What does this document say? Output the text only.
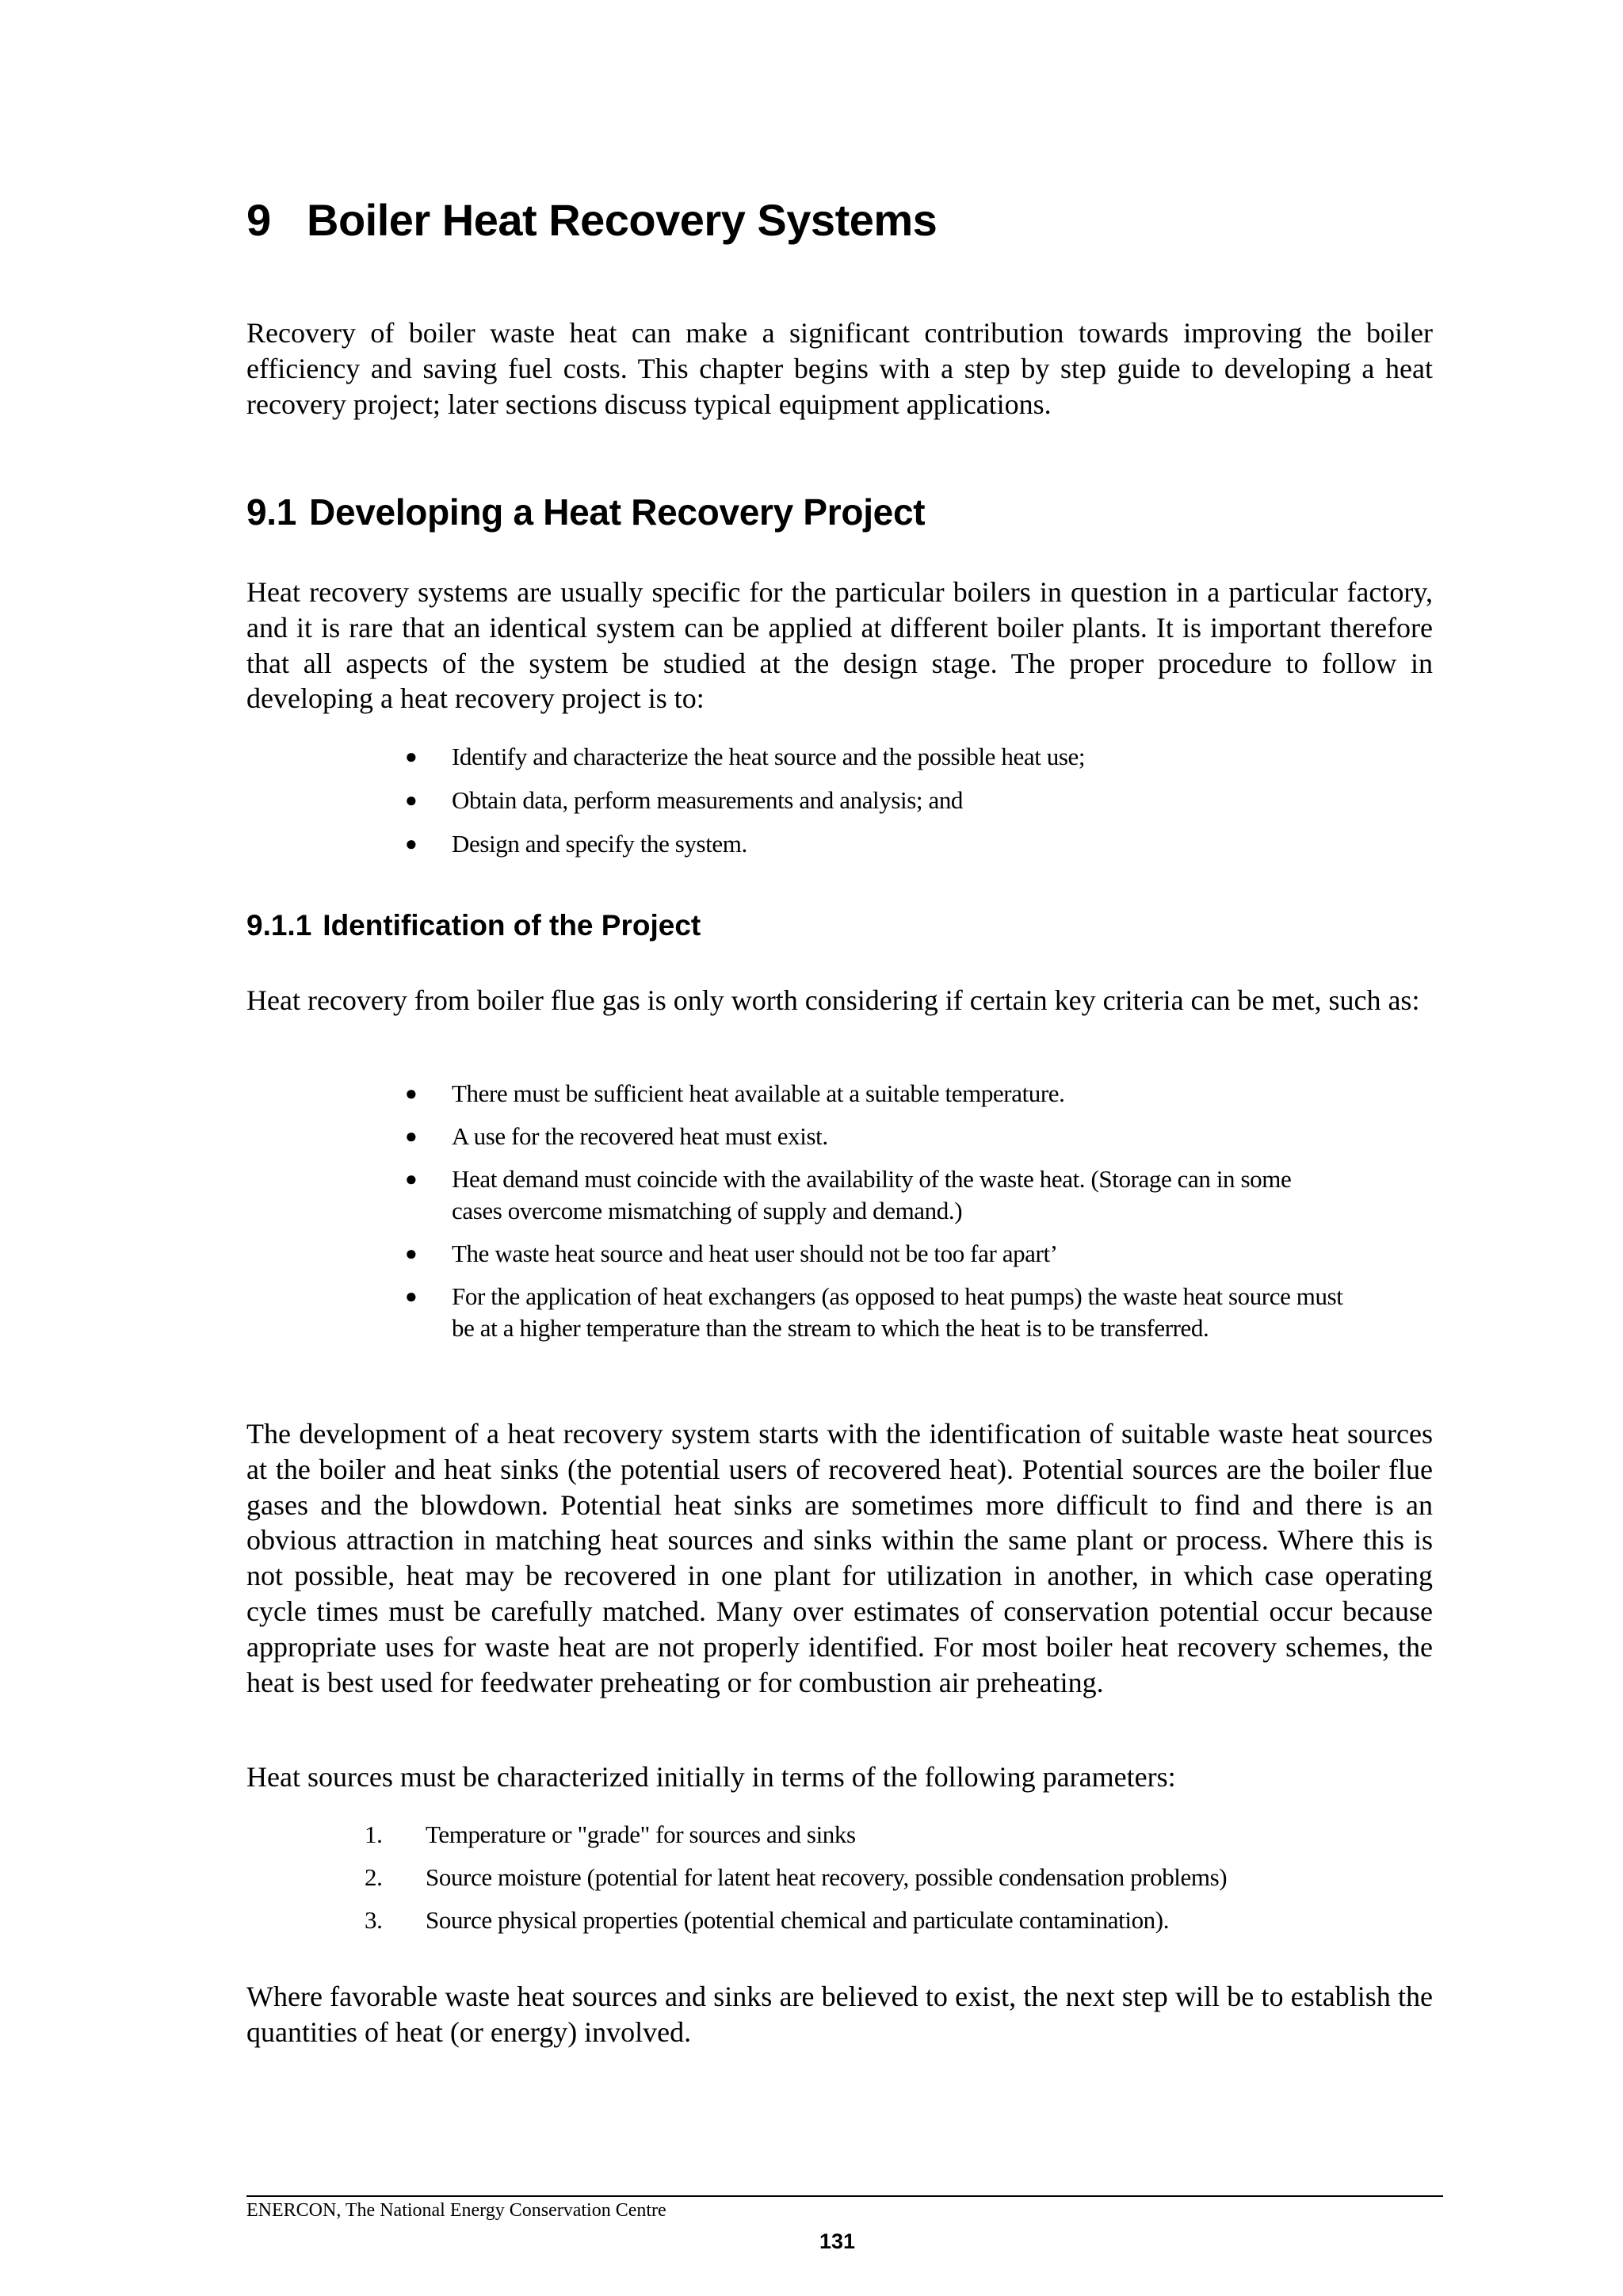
9 Boiler Heat Recovery Systems

Recovery of boiler waste heat can make a significant contribution towards improving the boiler efficiency and saving fuel costs. This chapter begins with a step by step guide to developing a heat recovery project; later sections discuss typical equipment applications.

9.1 Developing a Heat Recovery Project

Heat recovery systems are usually specific for the particular boilers in question in a particular factory, and it is rare that an identical system can be applied at different boiler plants. It is important therefore that all aspects of the system be studied at the design stage. The proper procedure to follow in developing a heat recovery project is to:

● Identify and characterize the heat source and the possible heat use;
● Obtain data, perform measurements and analysis; and
● Design and specify the system.
9.1.1 Identification of the Project

Heat recovery from boiler flue gas is only worth considering if certain key criteria can be met, such as:

● There must be sufficient heat available at a suitable temperature.
● A use for the recovered heat must exist.
● Heat demand must coincide with the availability of the waste heat. (Storage can in some cases overcome mismatching of supply and demand.)
● The waste heat source and heat user should not be too far apart’
● For the application of heat exchangers (as opposed to heat pumps) the waste heat source must be at a higher temperature than the stream to which the heat is to be transferred.

The development of a heat recovery system starts with the identification of suitable waste heat sources at the boiler and heat sinks (the potential users of recovered heat). Potential sources are the boiler flue gases and the blowdown. Potential heat sinks are sometimes more difficult to find and there is an obvious attraction in matching heat sources and sinks within the same plant or process. Where this is not possible, heat may be recovered in one plant for utilization in another, in which case operating cycle times must be carefully matched. Many over estimates of conservation potential occur because appropriate uses for waste heat are not properly identified. For most boiler heat recovery schemes, the heat is best used for feedwater preheating or for combustion air preheating.

Heat sources must be characterized initially in terms of the following parameters:

1. Temperature or "grade" for sources and sinks
2. Source moisture (potential for latent heat recovery, possible condensation problems)
3. Source physical properties (potential chemical and particulate contamination).

Where favorable waste heat sources and sinks are believed to exist, the next step will be to establish the quantities of heat (or energy) involved.

ENERCON, The National Energy Conservation Centre

131
